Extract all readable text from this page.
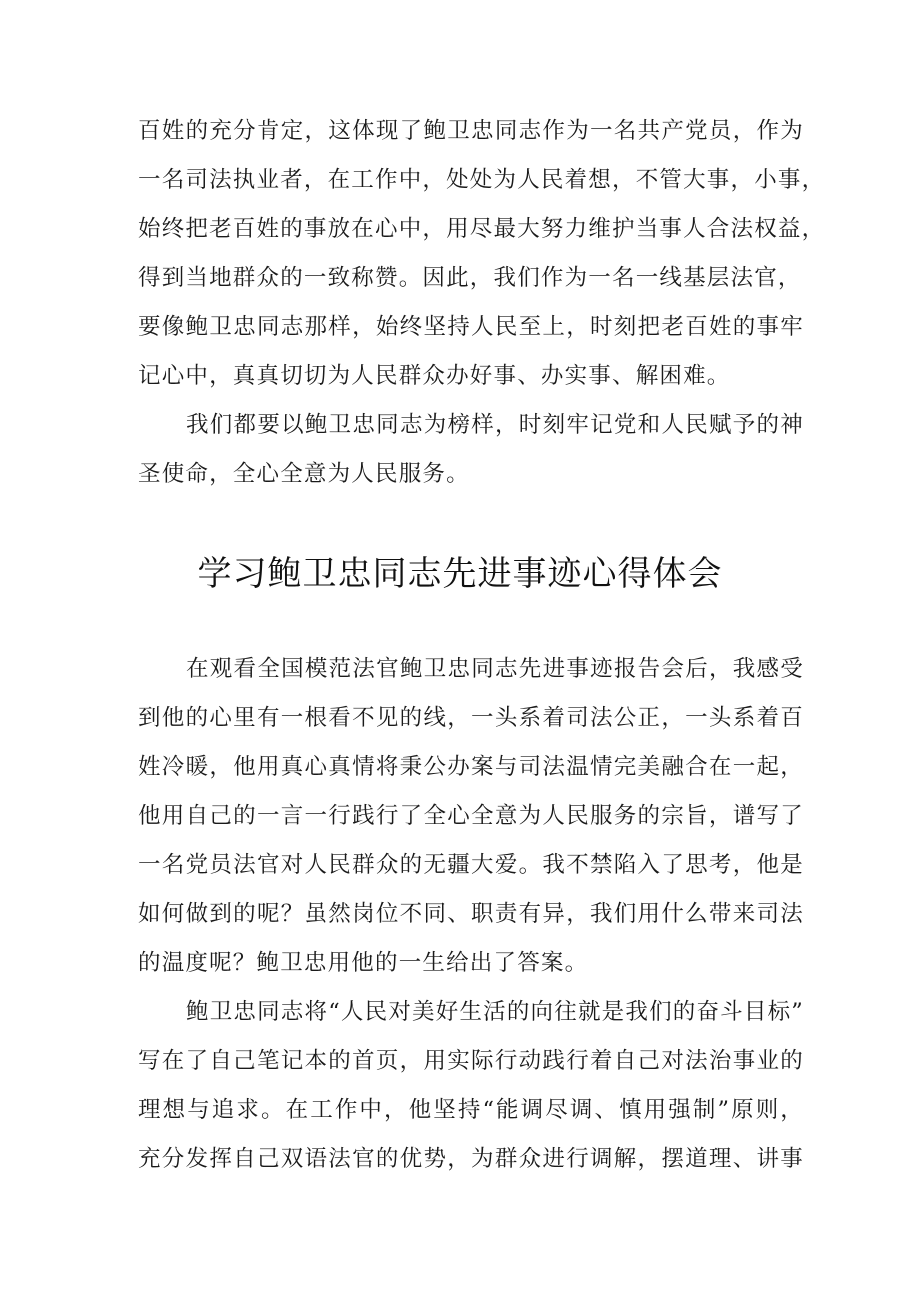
百姓的充分肯定，这体现了鲍卫忠同志作为一名共产党员，作为
一名司法执业者，在工作中，处处为人民着想，不管大事，小事，
始终把老百姓的事放在心中，用尽最大努力维护当事人合法权益，
得到当地群众的一致称赞。因此，我们作为一名一线基层法官，
要像鲍卫忠同志那样，始终坚持人民至上，时刻把老百姓的事牢
记心中，真真切切为人民群众办好事、办实事、解困难。
我们都要以鲍卫忠同志为榜样，时刻牢记党和人民赋予的神
圣使命，全心全意为人民服务。
学习鲍卫忠同志先进事迹心得体会
在观看全国模范法官鲍卫忠同志先进事迹报告会后，我感受
到他的心里有一根看不见的线，一头系着司法公正，一头系着百
姓冷暖，他用真心真情将秉公办案与司法温情完美融合在一起，
他用自己的一言一行践行了全心全意为人民服务的宗旨，谱写了
一名党员法官对人民群众的无疆大爱。我不禁陷入了思考，他是
如何做到的呢？虽然岗位不同、职责有异，我们用什么带来司法
的温度呢？鲍卫忠用他的一生给出了答案。
鲍卫忠同志将“人民对美好生活的向往就是我们的奋斗目标”
写在了自己笔记本的首页，用实际行动践行着自己对法治事业的
理想与追求。在工作中，他坚持“能调尽调、慎用强制”原则，
充分发挥自己双语法官的优势，为群众进行调解，摆道理、讲事
